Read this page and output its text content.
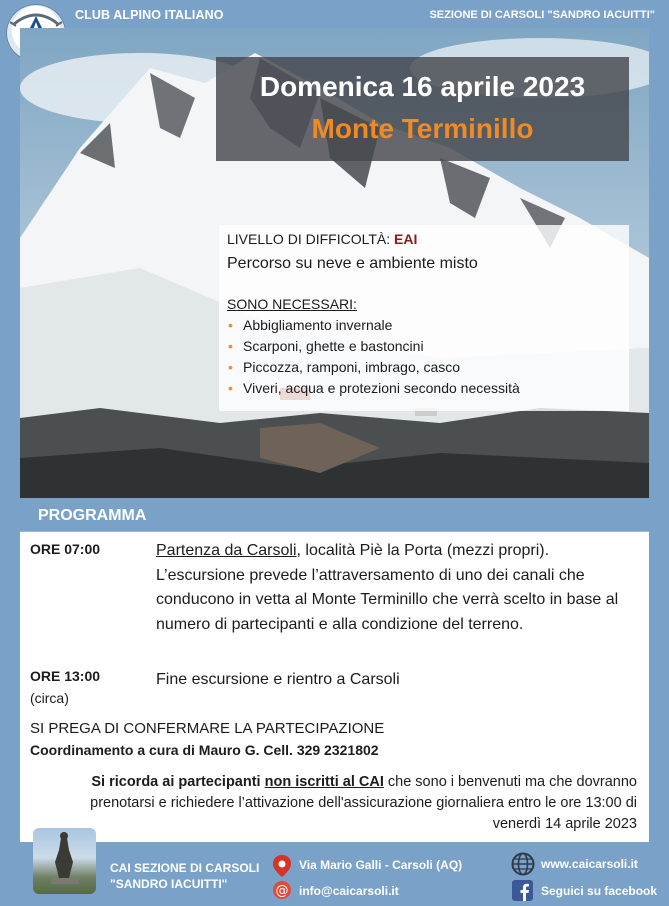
CLUB ALPINO ITALIANO	SEZIONE DI CARSOLI "SANDRO IACUITTI"
Domenica 16 aprile 2023
Monte Terminillo
LIVELLO DI DIFFICOLTÀ: EAI
Percorso su neve e ambiente misto
SONO NECESSARI:
• Abbigliamento invernale
• Scarponi, ghette e bastoncini
• Piccozza, ramponi, imbrago, casco
• Viveri, acqua e protezioni secondo necessità
PROGRAMMA
ORE 07:00	Partenza da Carsoli, località Piè la Porta (mezzi propri). L’escursione prevede l’attraversamento di uno dei canali che conducono in vetta al Monte Terminillo che verrà scelto in base al numero di partecipanti e alla condizione del terreno.
ORE 13:00
(circa)
Fine escursione e rientro a Carsoli
SI PREGA DI CONFERMARE LA PARTECIPAZIONE
Coordinamento a cura di Mauro G. Cell. 329 2321802
Si ricorda ai partecipanti non iscritti al CAI che sono i benvenuti ma che dovranno prenotarsi e richiedere l’attivazione dell'assicurazione giornaliera entro le ore 13:00 di venerdì 14 aprile 2023
CAI SEZIONE DI CARSOLI
"SANDRO IACUITTI"
Via Mario Galli - Carsoli (AQ)
@ info@caicarsoli.it
www.caicarsoli.it
Seguici su facebook
